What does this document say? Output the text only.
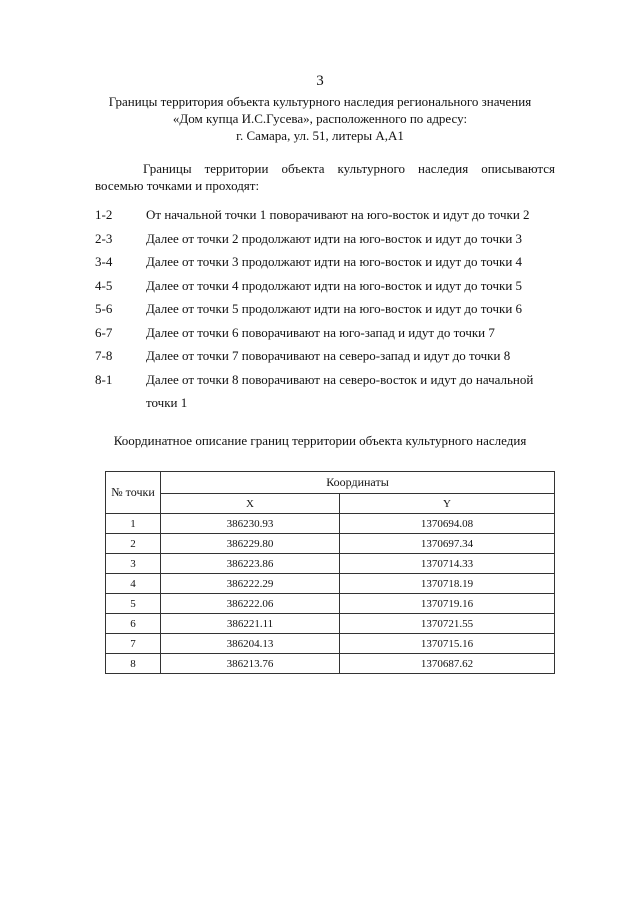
3
Границы территория объекта культурного наследия регионального значения
«Дом купца И.С.Гусева», расположенного по адресу:
г. Самара, ул. 51, литеры А,А1
Границы территории объекта культурного наследия описываются
восемью точками и проходят:
1-2	От начальной точки 1 поворачивают на юго-восток и идут до точки 2
2-3	Далее от точки 2 продолжают идти на юго-восток и идут до точки 3
3-4	Далее от точки 3 продолжают идти на юго-восток и идут до точки 4
4-5	Далее от точки 4 продолжают идти на юго-восток и идут до точки 5
5-6	Далее от точки 5 продолжают идти на юго-восток и идут до точки 6
6-7	Далее от точки 6 поворачивают на юго-запад и идут до точки 7
7-8	Далее от точки 7 поворачивают на северо-запад и идут до точки 8
8-1	Далее от точки 8 поворачивают на северо-восток и идут до начальной
точки 1
Координатное описание границ территории объекта культурного наследия
№ точки	Координаты	
	X	Y
1	386230.93	1370694.08
2	386229.80	1370697.34
3	386223.86	1370714.33
4	386222.29	1370718.19
5	386222.06	1370719.16
6	386221.11	1370721.55
7	386204.13	1370715.16
8	386213.76	1370687.62
